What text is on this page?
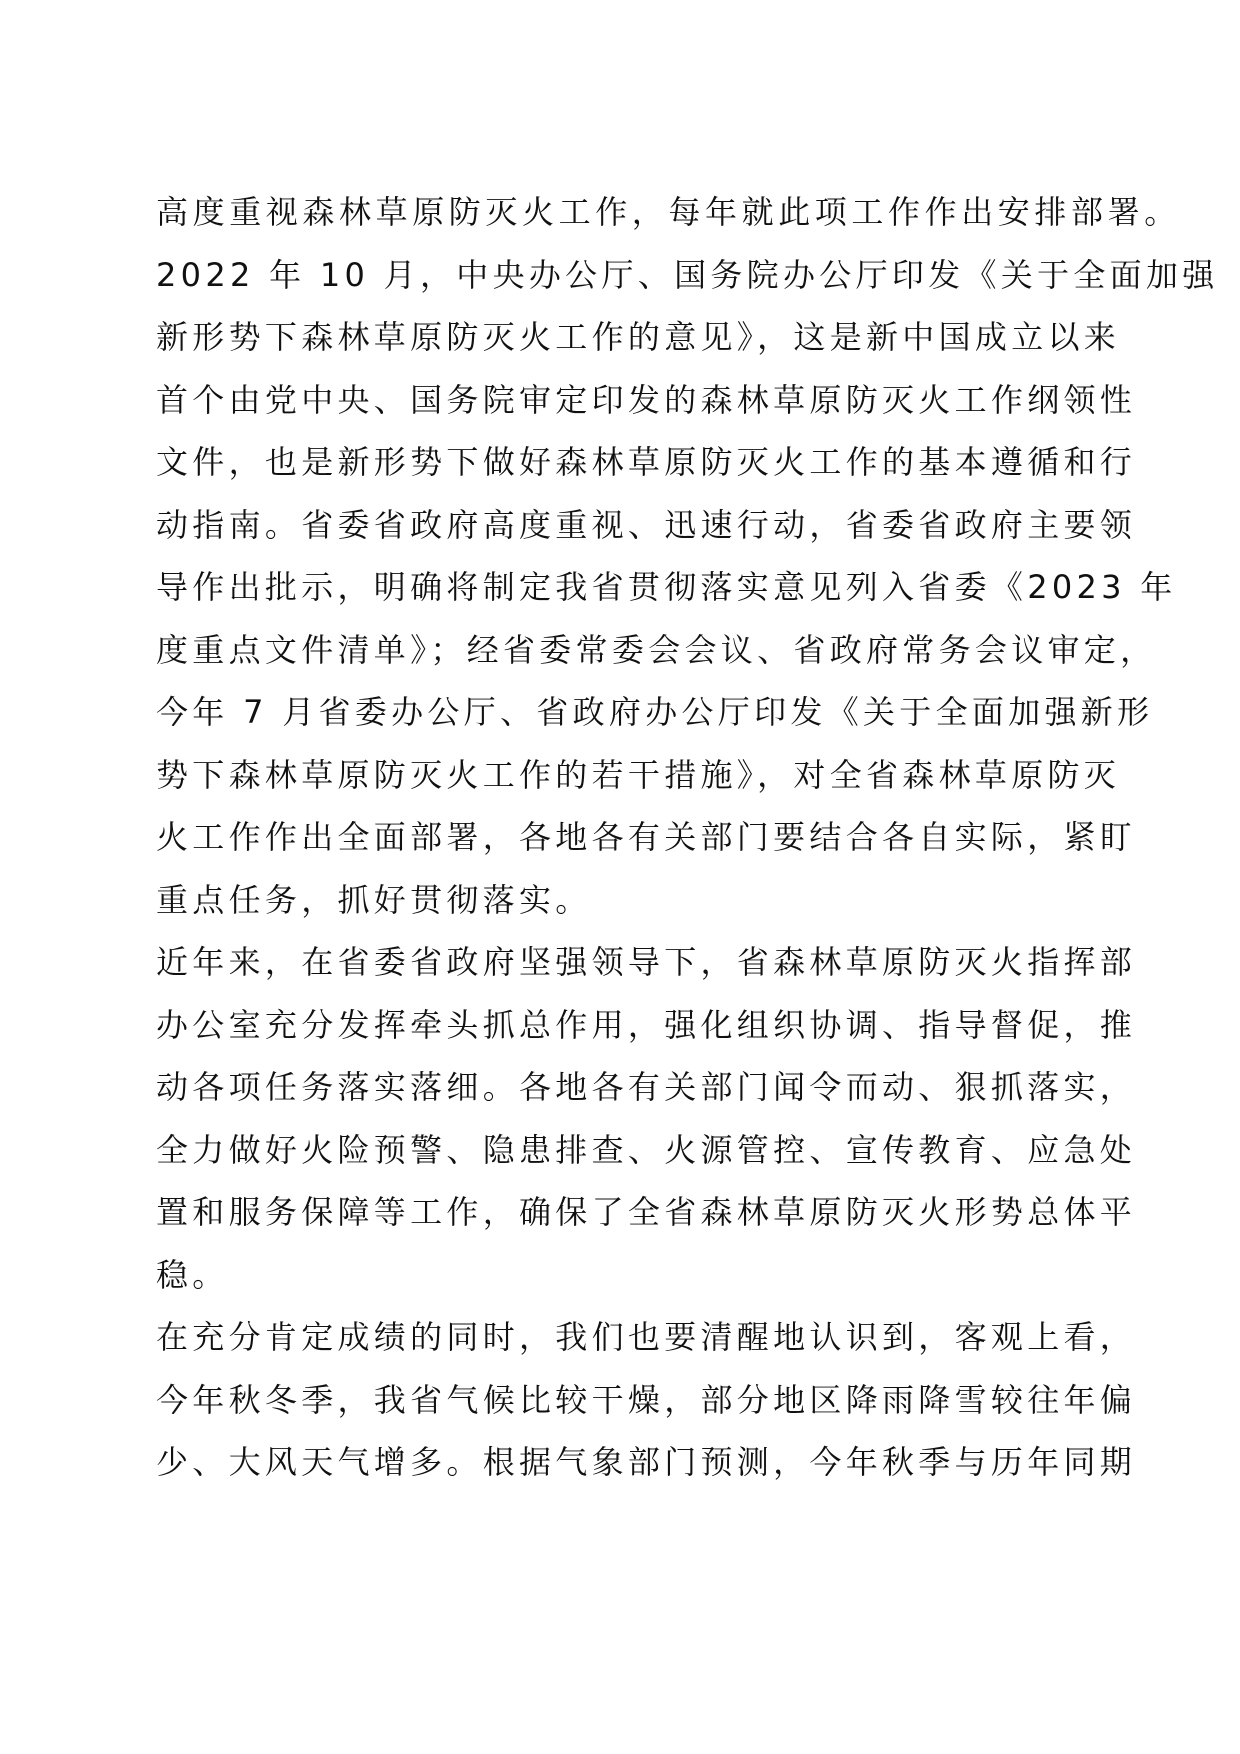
高度重视森林草原防灭火工作，每年就此项工作作出安排部署。
2022 年 10 月，中央办公厅、国务院办公厅印发《关于全面加强
新形势下森林草原防灭火工作的意见》，这是新中国成立以来
首个由党中央、国务院审定印发的森林草原防灭火工作纲领性
文件，也是新形势下做好森林草原防灭火工作的基本遵循和行
动指南。省委省政府高度重视、迅速行动，省委省政府主要领
导作出批示，明确将制定我省贯彻落实意见列入省委《2023 年
度重点文件清单》；经省委常委会会议、省政府常务会议审定，
今年 7 月省委办公厅、省政府办公厅印发《关于全面加强新形
势下森林草原防灭火工作的若干措施》，对全省森林草原防灭
火工作作出全面部署，各地各有关部门要结合各自实际，紧盯
重点任务，抓好贯彻落实。
近年来，在省委省政府坚强领导下，省森林草原防灭火指挥部
办公室充分发挥牵头抓总作用，强化组织协调、指导督促，推
动各项任务落实落细。各地各有关部门闻令而动、狠抓落实，
全力做好火险预警、隐患排查、火源管控、宣传教育、应急处
置和服务保障等工作，确保了全省森林草原防灭火形势总体平
稳。
在充分肯定成绩的同时，我们也要清醒地认识到，客观上看，
今年秋冬季，我省气候比较干燥，部分地区降雨降雪较往年偏
少、大风天气增多。根据气象部门预测，今年秋季与历年同期
